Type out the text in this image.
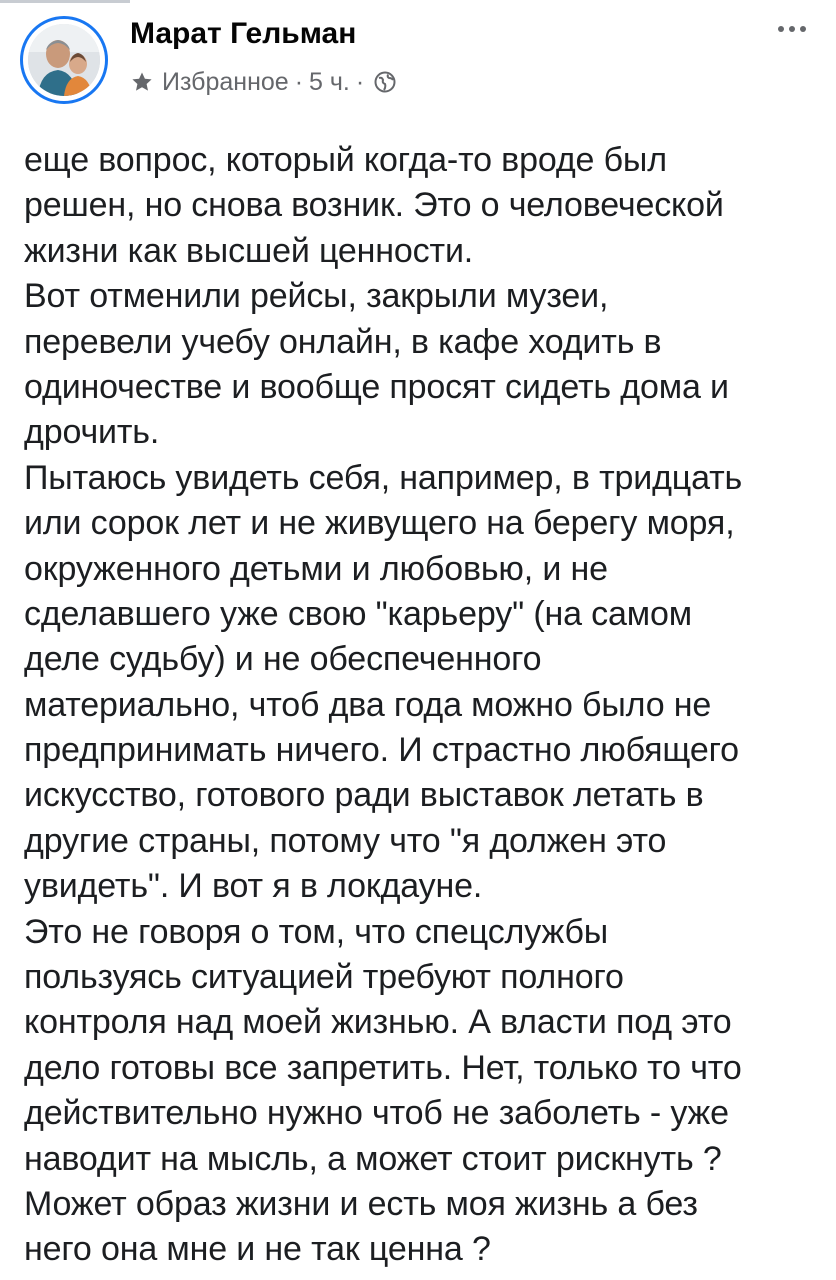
Марат Гельман
Избранное · 5 ч. ·
еще вопрос, который когда-то вроде был
решен, но снова возник. Это о человеческой
жизни как высшей ценности.
Вот отменили рейсы, закрыли музеи,
перевели учебу онлайн, в кафе ходить в
одиночестве и вообще просят сидеть дома и
дрочить.
Пытаюсь увидеть себя, например, в тридцать
или сорок лет и не живущего на берегу моря,
окруженного детьми и любовью, и не
сделавшего уже свою "карьеру" (на самом
деле судьбу) и не обеспеченного
материально, чтоб два года можно было не
предпринимать ничего. И страстно любящего
искусство, готового ради выставок летать в
другие страны, потому что "я должен это
увидеть". И вот я в локдауне.
Это не говоря о том, что спецслужбы
пользуясь ситуацией требуют полного
контроля над моей жизнью. А власти под это
дело готовы все запретить. Нет, только то что
действительно нужно чтоб не заболеть - уже
наводит на мысль, а может стоит рискнуть ?
Может образ жизни и есть моя жизнь а без
него она мне и не так ценна ?
